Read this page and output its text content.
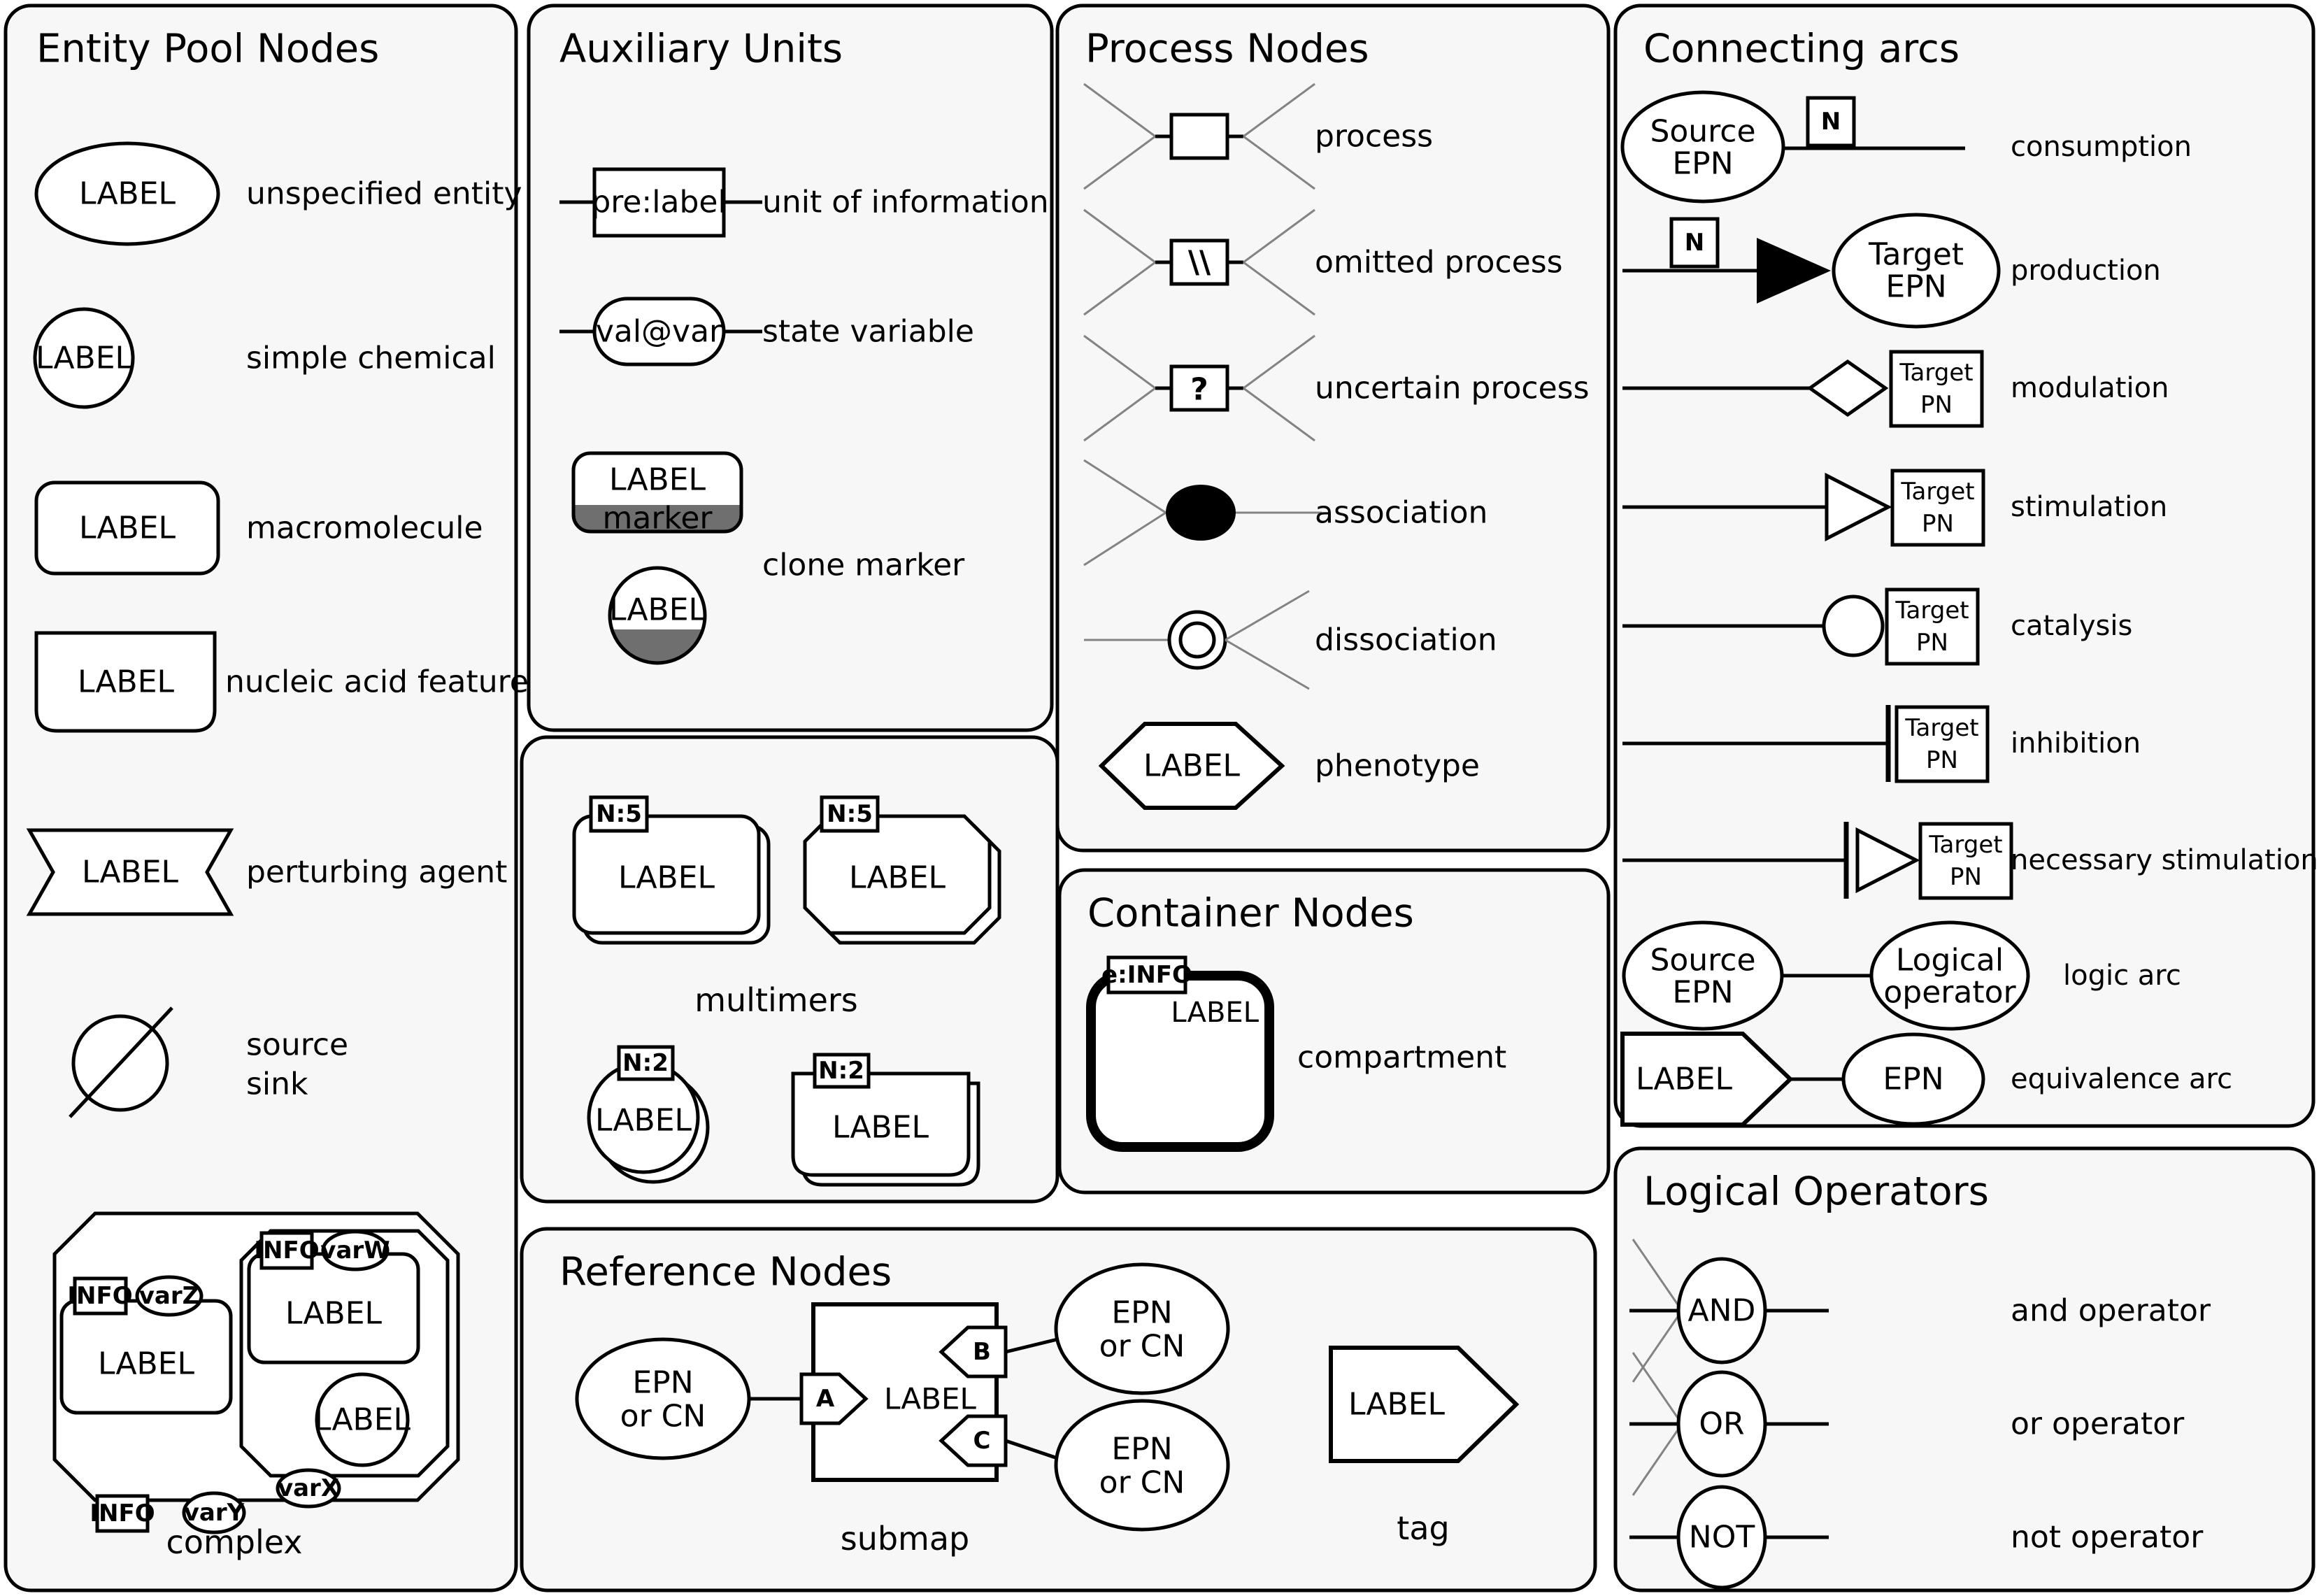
Entity Pool Nodes
LABEL unspecified entity
LABEL	simple chemical
LABEL macromolecule
LABEL nucleic acid feature
LABEL perturbing agent
source
sink
INFO varZ
LABEL
INFO varW
LABEL
LABEL
varX
INFO varY
complex
Auxiliary Units
pre:label unit of information
val@var state variable
LABEL
marker
clone marker
LABEL
N:5
LABEL
N:5
LABEL
multimers
N:2
LABEL
N:2
LABEL
Process Nodes
process
\\	omitted process
?	uncertain process
association
dissociation
LABEL phenotype
Container Nodes
e:INFO
LABEL
compartment
Reference Nodes
EPN
or CN	A LABEL
B
C
EPN
or CN
EPN
or CN
submap
LABEL
tag
Connecting arcs
Source
EPN
N
consumption
N	Target
EPN production
Target
PN
modulation
Target
PN
stimulation
Target
PN
catalysis
Target
PN
inhibition
Target
PN
necessary stimulation
Source
EPN
Logical
operator logic arc
LABEL	EPN equivalence arc
Logical Operators
AND	and operator
OR	or operator
NOT	not operator
